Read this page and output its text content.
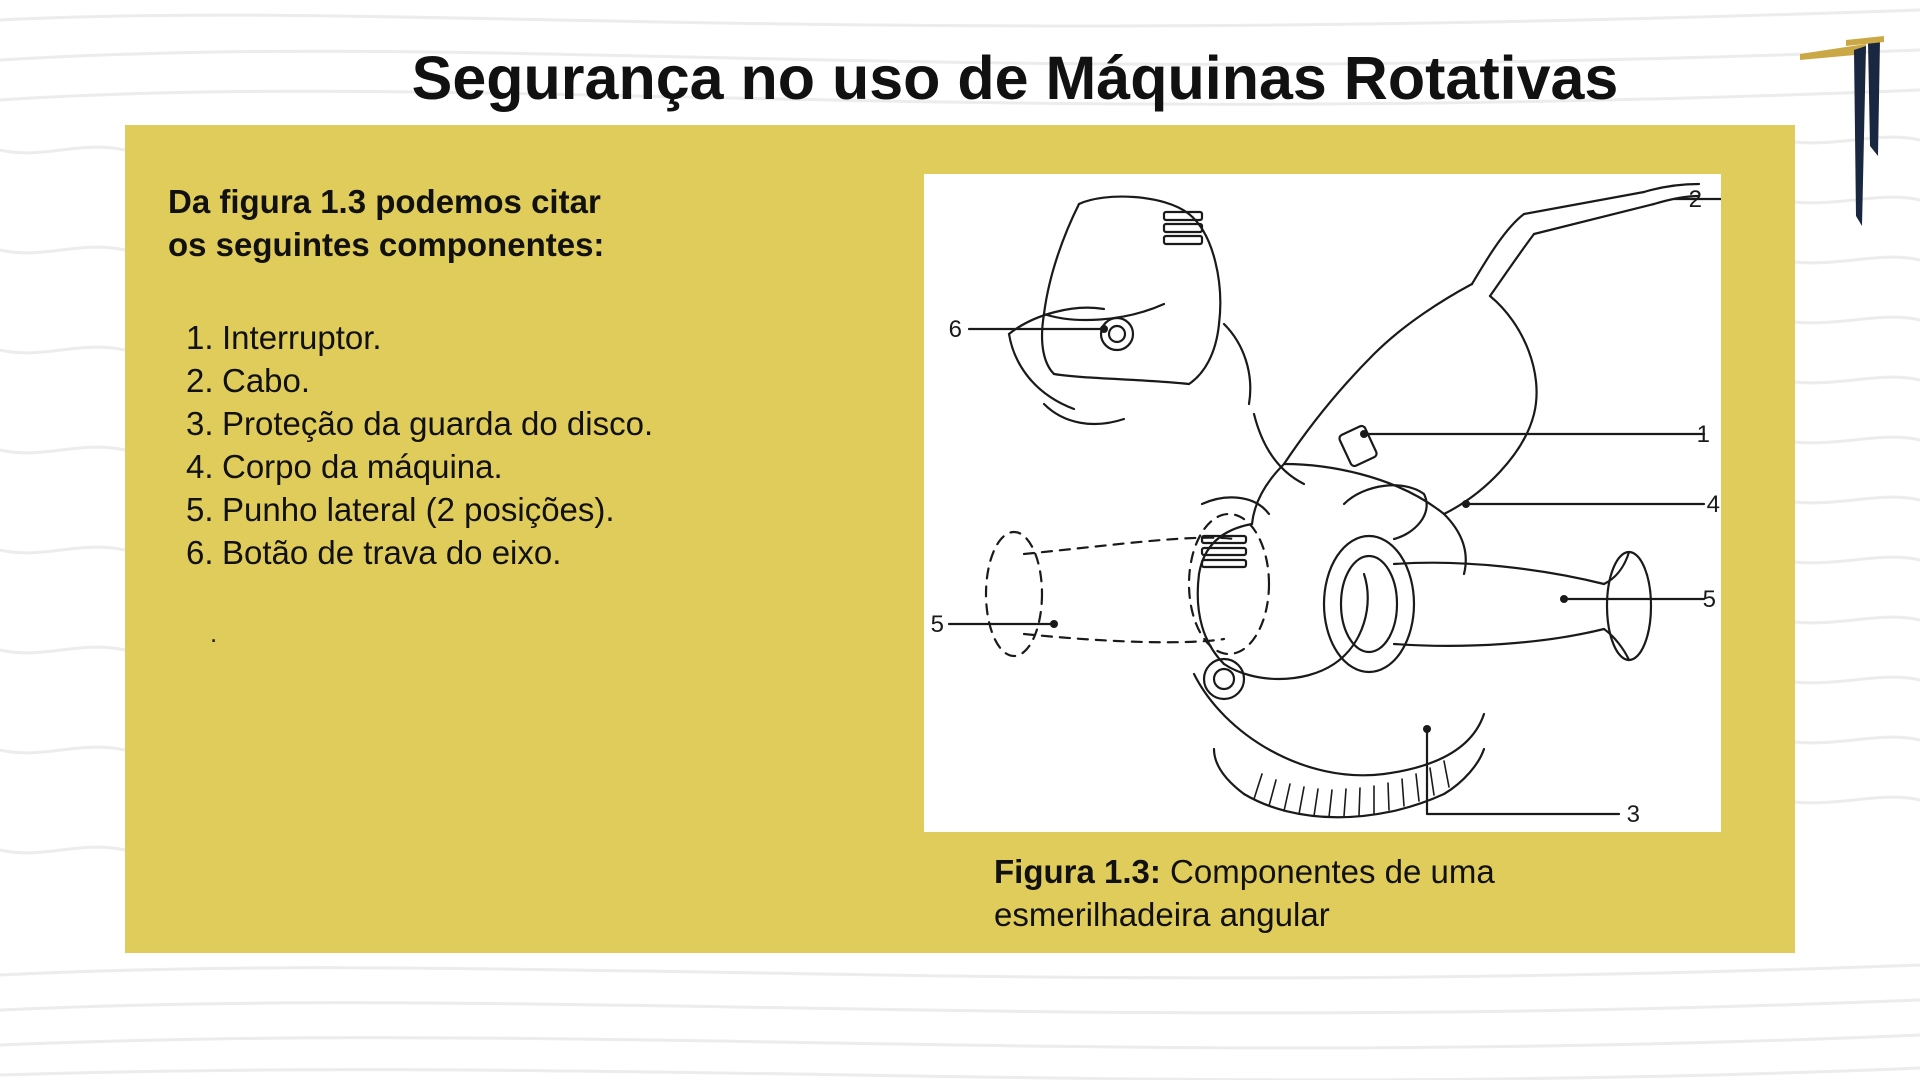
Segurança no uso de Máquinas Rotativas
Da figura 1.3 podemos citar
os seguintes componentes:
1. Interruptor.
2. Cabo.
3. Proteção da guarda do disco.
4. Corpo da máquina.
5. Punho lateral (2 posições).
6. Botão de trava do eixo.
.
2
6
1
4
5
5
3
Figura 1.3: Componentes de uma esmerilhadeira angular
